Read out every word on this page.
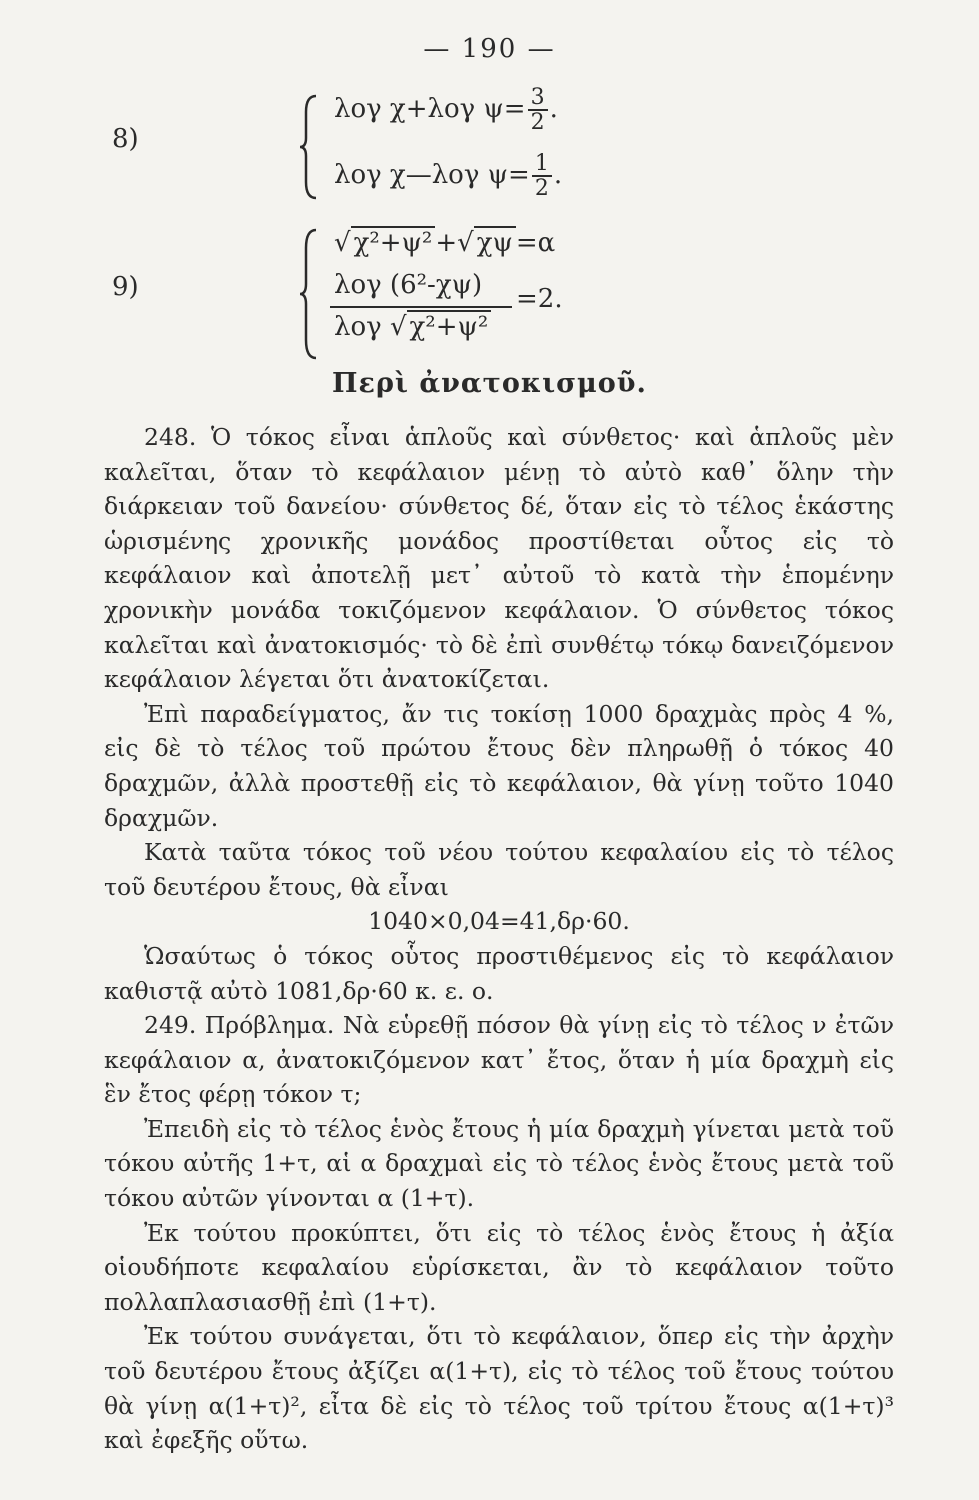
— 190 —
8)
λογ χ+λογ $\psi= \frac{3}{2}$ .
λογ χ—λογ $\psi= \frac{1}{2}$ .
9)
√ χ²+ψ² +√ χψ =α
λογ (6²-χψ) =2.
λογ √ χ²+ψ²
Περὶ ἀνατοκισμοῦ.

248. Ὁ τόκος εἶναι ἁπλοῦς καὶ σύνθετος· καὶ ἁπλοῦς μὲν καλεῖται, ὅταν τὸ κεφάλαιον μένῃ τὸ αὐτὸ καθ᾽ ὅλην τὴν διάρκειαν τοῦ δανείου· σύνθετος δέ, ὅταν εἰς τὸ τέλος ἑκάστης ὡρισμένης χρονικῆς μονάδος προστίθεται οὗτος εἰς τὸ κεφάλαιον καὶ ἀποτελῇ μετ᾽ αὐτοῦ τὸ κατὰ τὴν ἑπομένην χρονικὴν μονάδα τοκιζόμενον κεφάλαιον. Ὁ σύνθετος τόκος καλεῖται καὶ ἀνατοκισμός· τὸ δὲ ἐπὶ συνθέτῳ τόκῳ δανειζόμενον κεφάλαιον λέγεται ὅτι ἀνατοκίζεται.

Ἐπὶ παραδείγματος, ἄν τις τοκίσῃ 1000 δραχμὰς πρὸς 4 %, εἰς δὲ τὸ τέλος τοῦ πρώτου ἔτους δὲν πληρωθῇ ὁ τόκος 40 δραχμῶν, ἀλλὰ προστεθῇ εἰς τὸ κεφάλαιον, θὰ γίνῃ τοῦτο 1040 δραχμῶν.

Κατὰ ταῦτα τόκος τοῦ νέου τούτου κεφαλαίου εἰς τὸ τέλος τοῦ δευτέρου ἔτους, θὰ εἶναι

1040×0,04=41,δρ·60.

Ὡσαύτως ὁ τόκος οὗτος προστιθέμενος εἰς τὸ κεφάλαιον καθιστᾷ αὐτὸ 1081,δρ·60 κ. ε. ο.

249. Πρόβλημα. Νὰ εὑρεθῇ πόσον θὰ γίνῃ εἰς τὸ τέλος ν ἐτῶν κεφάλαιον α, ἀνατοκιζόμενον κατ᾽ ἔτος, ὅταν ἡ μία δραχμὴ εἰς ἓν ἔτος φέρῃ τόκον τ;

Ἐπειδὴ εἰς τὸ τέλος ἑνὸς ἔτους ἡ μία δραχμὴ γίνεται μετὰ τοῦ τόκου αὐτῆς 1+τ, αἱ α δραχμαὶ εἰς τὸ τέλος ἑνὸς ἔτους μετὰ τοῦ τόκου αὐτῶν γίνονται α (1+τ).

Ἐκ τούτου προκύπτει, ὅτι εἰς τὸ τέλος ἑνὸς ἔτους ἡ ἀξία οἱουδήποτε κεφαλαίου εὑρίσκεται, ἂν τὸ κεφάλαιον τοῦτο πολλαπλασιασθῇ ἐπὶ (1+τ).

Ἐκ τούτου συνάγεται, ὅτι τὸ κεφάλαιον, ὅπερ εἰς τὴν ἀρχὴν τοῦ δευτέρου ἔτους ἀξίζει α(1+τ), εἰς τὸ τέλος τοῦ ἔτους τούτου θὰ γίνῃ α(1+τ)², εἶτα δὲ εἰς τὸ τέλος τοῦ τρίτου ἔτους α(1+τ)³ καὶ ἐφεξῆς οὕτω.
